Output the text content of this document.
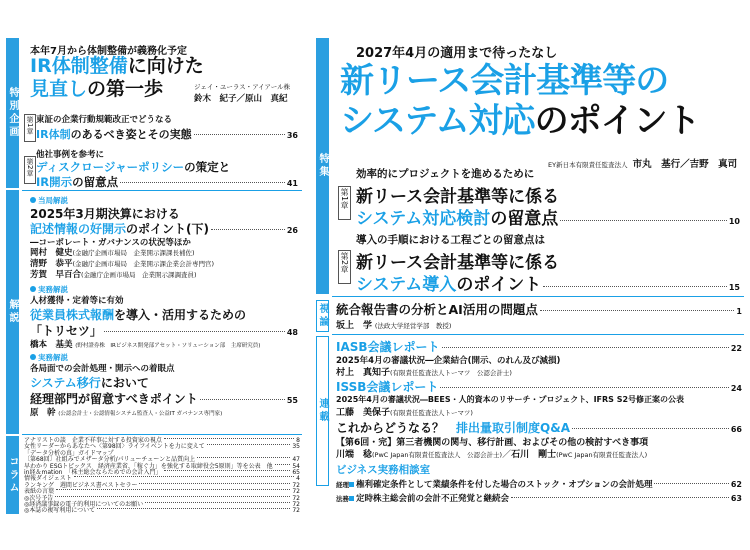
特別企画
解説
コラム
本年7月から体制整備が義務化予定
IR体制整備に向けた
見直しの第一歩	ジェイ・ユーラス・アイアール株
鈴木　紀子／原山　真紀
第1章 東証の企業行動規範改正でどうなる
IR体制のあるべき姿とその実態	36
第2章
他社事例を参考に
ディスクロージャーポリシーの策定と
IR開示の留意点	41
当局解説
2025年3月期決算における
記述情報の好開示のポイント(下)	26
―コーポレート・ガバナンスの状況等ほか
岡村　健史(金融庁企画市場局　企業開示課課長補佐)
清野　恭平(金融庁企画市場局　企業開示課企業会計専門官)
芳賀　早百合(金融庁企画市場局　企業開示課調査員)
実務解説
人材獲得・定着等に有効
従業員株式報酬を導入・活用するための
「トリセツ」	48
橋本　基美 (野村證券株　IRビジネス開発部アセット・ソリューション部　主席研究員)
実務解説
各局面での会計処理・開示への着眼点
システム移行において
経理部門が留意すべきポイント	55
原　幹 (公認会計士・公認情報システム監査人・公益IT ガバナンス専門家)
アナリストの談　企業不祥事に対する投資家の視点	8
女性リーダーからあなたへ〈第98回〉ライフイベントを力に変えて	35
「データ分析の真」ガイドマップ
〔第68回〕社組みでメザータ分析/パリューチェーンと品質向上	47
早わかり ESGトピックス　経済産業省、「稼ぐ力」を強化する取締役会5原則」等を公表　他	54
in経＆mation　「株主総会ならためでの会計入門」	65
情報ダイジェスト	4
ランキング　週間ビジネス書ベストセラー	72
表紙の言葉	72
◎次号予告	72
◎経済議事録の電子的利用についてのお願い	72
◎本誌の複写利用について	72
特集
視論
連載
2027年4月の適用まで待ったなし
新リース会計基準等の
システム対応のポイント
EY新日本有限責任監査法人 市丸　基行／吉野　真司
第1章
効率的にプロジェクトを進めるために
新リース会計基準等に係る
システム対応検討の留意点	10
第2章
導入の手順における工程ごとの留意点は
新リース会計基準等に係る
システム導入のポイント	15
統合報告書の分析とAI活用の問題点	1
坂上　学 (法政大学経営学部　教授)
IASB会議レポート	22
2025年4月の審議状況―企業結合(開示、のれん及び減損)
村上　真知子(有限責任監査法人トーマツ　公認会計士)
ISSB会議レポート	24
2025年4月の審議状況―BEES・人的資本のリサーチ・プロジェクト、IFRS S2号修正案の公表
工藤　美保子(有限責任監査法人トーマツ)
これからどうなる？　 排出量取引制度Q&A	66
【第6回・完】第三者機関の関与、移行計画、およびその他の検討すべき事項
川端　稔(PwC Japan有限責任監査法人　公認会計士)／石川　剛士(PwC Japan有限責任監査法人)
ビジネス実務相談室
経理 権利確定条件として業績条件を付した場合のストック・オプションの会計処理	62
法務 定時株主総会前の会計不正発覚と継続会	63
